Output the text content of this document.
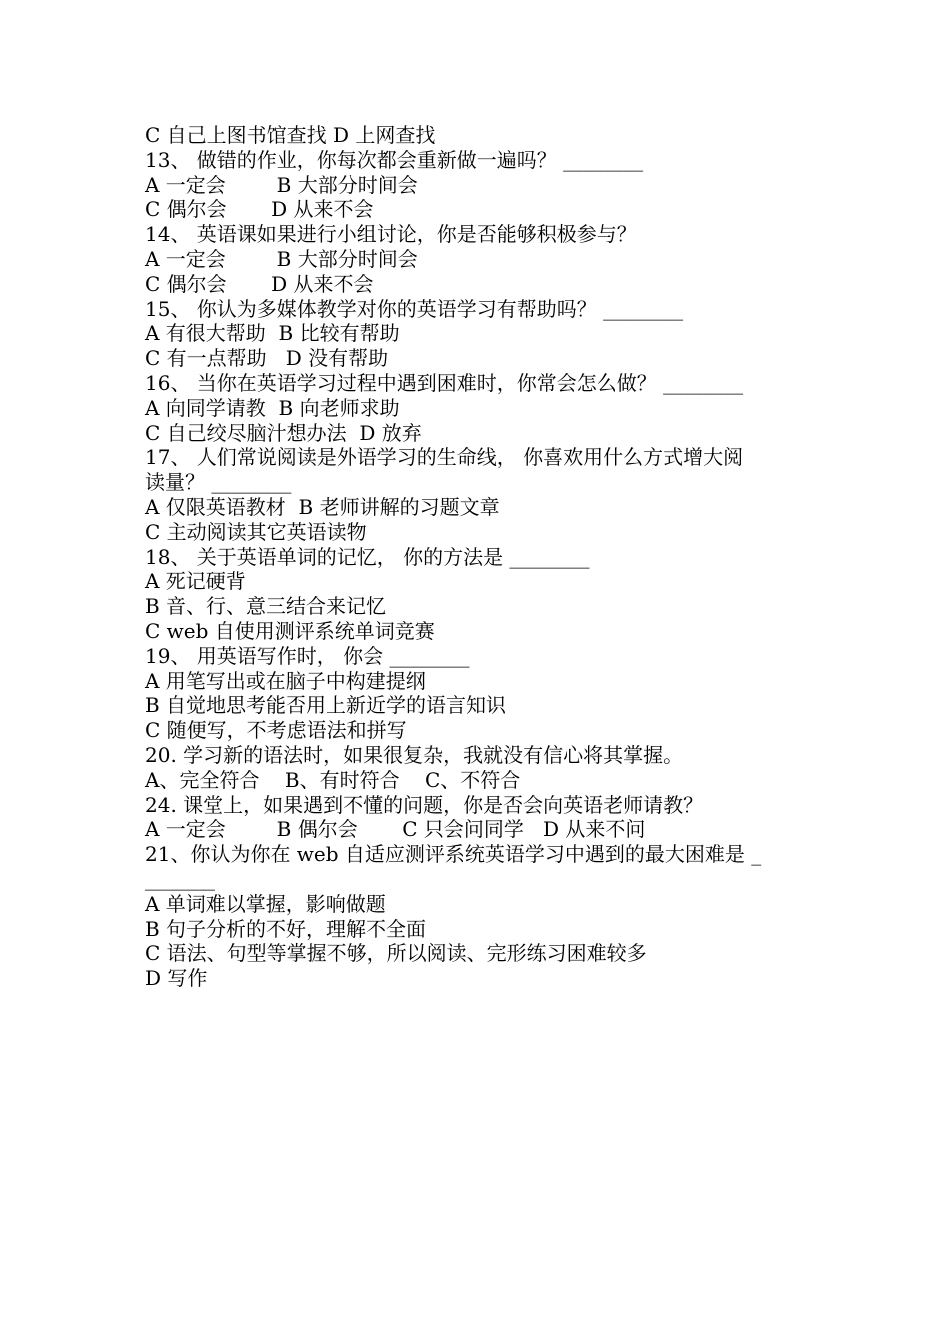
C 自己上图书馆查找 D 上网查找
13、 做错的作业，你每次都会重新做一遍吗？ ________
A 一定会        B 大部分时间会
C 偶尔会       D 从来不会
14、 英语课如果进行小组讨论，你是否能够积极参与？
A 一定会        B 大部分时间会
C 偶尔会       D 从来不会
15、 你认为多媒体教学对你的英语学习有帮助吗？ ________
A 有很大帮助  B 比较有帮助
C 有一点帮助   D 没有帮助
16、 当你在英语学习过程中遇到困难时，你常会怎么做？ ________
A 向同学请教  B 向老师求助
C 自己绞尽脑汁想办法  D 放弃
17、 人们常说阅读是外语学习的生命线， 你喜欢用什么方式增大阅
读量？ ________
A 仅限英语教材  B 老师讲解的习题文章
C 主动阅读其它英语读物
18、 关于英语单词的记忆， 你的方法是 ________
A 死记硬背
B 音、行、意三结合来记忆
C web 自使用测评系统单词竞赛
19、 用英语写作时， 你会 ________
A 用笔写出或在脑子中构建提纲
B 自觉地思考能否用上新近学的语言知识
C 随便写，不考虑语法和拼写
20. 学习新的语法时，如果很复杂，我就没有信心将其掌握。
A、完全符合    B、有时符合    C、不符合
24. 课堂上，如果遇到不懂的问题，你是否会向英语老师请教？
A 一定会        B 偶尔会       C 只会问同学   D 从来不问
21、你认为你在 web 自适应测评系统英语学习中遇到的最大困难是 _
_______
A 单词难以掌握，影响做题
B 句子分析的不好，理解不全面
C 语法、句型等掌握不够，所以阅读、完形练习困难较多
D 写作
